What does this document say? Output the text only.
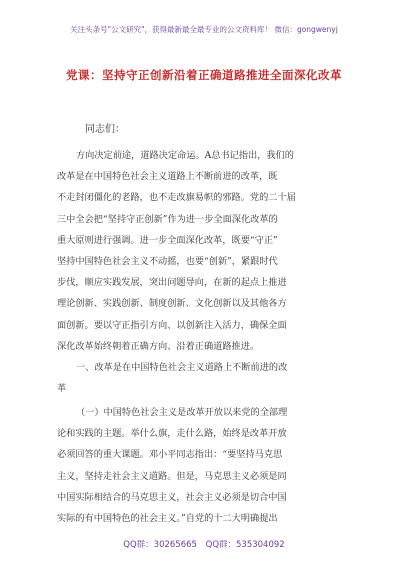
关注头条号"公文研究"，获得最新最全最专业的公文资料库！ 微信：gongwenyj
党课：坚持守正创新沿着正确道路推进全面深化改革
同志们：
方向决定前途，道路决定命运。A总书记指出，我们的
改革是在中国特色社会主义道路上不断前进的改革，既
不走封闭僵化的老路，也不走改旗易帜的邪路。党的二十届
三中全会把“坚持守正创新”作为进一步全面深化改革的
重大原则进行强调。进一步全面深化改革，既要“守正”
坚持中国特色社会主义不动摇，也要“创新”，紧跟时代
步伐，顺应实践发展，突出问题导向，在新的起点上推进
理论创新、实践创新、制度创新、文化创新以及其他各方
面创新。要以守正指引方向、以创新注入活力，确保全面
深化改革始终朝着正确方向、沿着正确道路推进。
一、改革是在中国特色社会主义道路上不断前进的改
革
（一）中国特色社会主义是改革开放以来党的全部理
论和实践的主题。举什么旗，走什么路，始终是改革开放
必须回答的重大课题。邓小平同志指出：“要坚持马克思
主义，坚持走社会主义道路。但是，马克思主义必须是同
中国实际相结合的马克思主义，社会主义必须是切合中国
实际的有中国特色的社会主义。”自党的十二大明确提出
QQ群：30265665 QQ群：535304092
